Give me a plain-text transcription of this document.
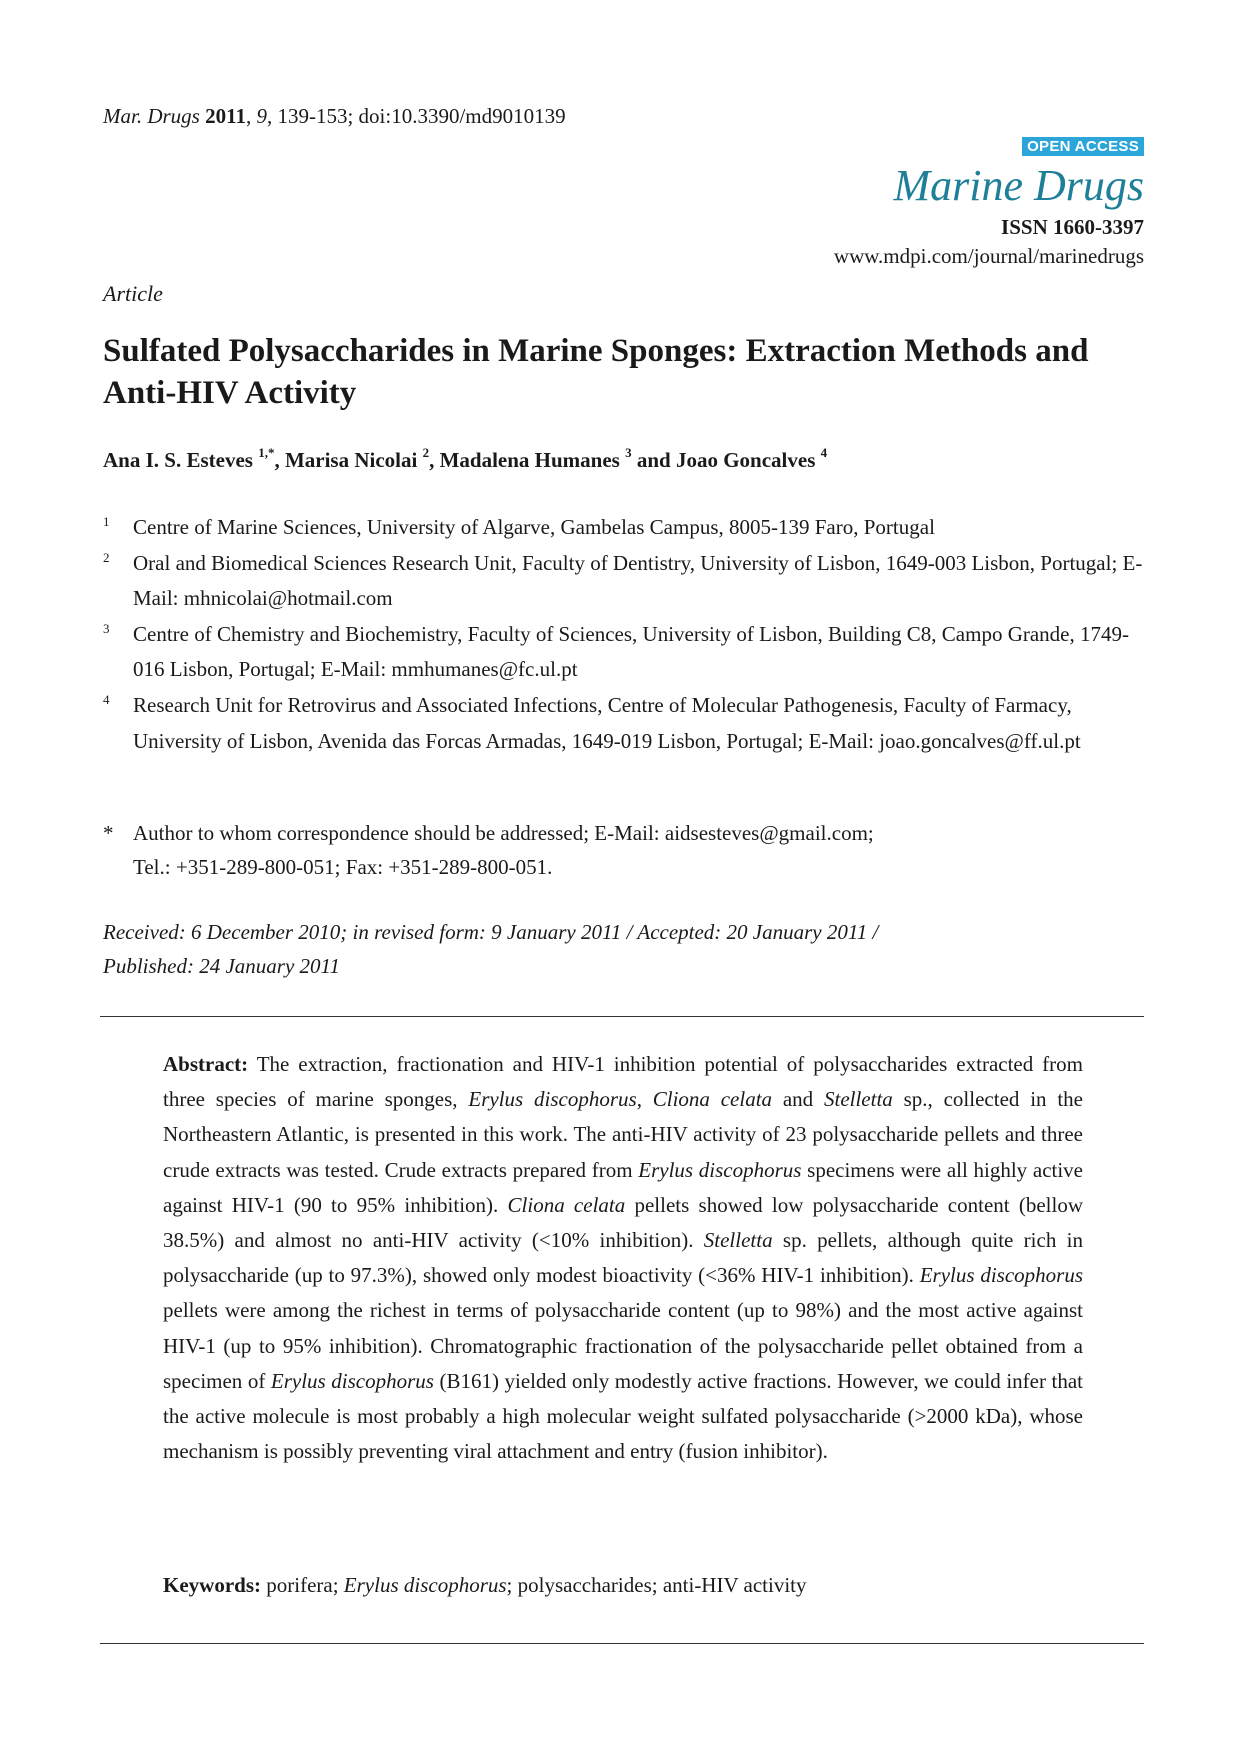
Mar. Drugs 2011, 9, 139-153; doi:10.3390/md9010139
OPEN ACCESS
Marine Drugs
ISSN 1660-3397
www.mdpi.com/journal/marinedrugs
Article
Sulfated Polysaccharides in Marine Sponges: Extraction Methods and Anti-HIV Activity
Ana I. S. Esteves $^{1,*}$, Marisa Nicolai $^2$, Madalena Humanes $^3$ and Joao Goncalves $^4$
1 Centre of Marine Sciences, University of Algarve, Gambelas Campus, 8005-139 Faro, Portugal
2 Oral and Biomedical Sciences Research Unit, Faculty of Dentistry, University of Lisbon, 1649-003 Lisbon, Portugal; E-Mail: mhnicolai@hotmail.com
3 Centre of Chemistry and Biochemistry, Faculty of Sciences, University of Lisbon, Building C8, Campo Grande, 1749-016 Lisbon, Portugal; E-Mail: mmhumanes@fc.ul.pt
4 Research Unit for Retrovirus and Associated Infections, Centre of Molecular Pathogenesis, Faculty of Farmacy, University of Lisbon, Avenida das Forcas Armadas, 1649-019 Lisbon, Portugal; E-Mail: joao.goncalves@ff.ul.pt
* Author to whom correspondence should be addressed; E-Mail: aidsesteves@gmail.com;
Tel.: +351-289-800-051; Fax: +351-289-800-051.
Received: 6 December 2010; in revised form: 9 January 2011 / Accepted: 20 January 2011 /
Published: 24 January 2011
Abstract: The extraction, fractionation and HIV-1 inhibition potential of polysaccharides extracted from three species of marine sponges, Erylus discophorus, Cliona celata and Stelletta sp., collected in the Northeastern Atlantic, is presented in this work. The anti-HIV activity of 23 polysaccharide pellets and three crude extracts was tested. Crude extracts prepared from Erylus discophorus specimens were all highly active against HIV-1 (90 to 95% inhibition). Cliona celata pellets showed low polysaccharide content (bellow 38.5%) and almost no anti-HIV activity (<10% inhibition). Stelletta sp. pellets, although quite rich in polysaccharide (up to 97.3%), showed only modest bioactivity (<36% HIV-1 inhibition). Erylus discophorus pellets were among the richest in terms of polysaccharide content (up to 98%) and the most active against HIV-1 (up to 95% inhibition). Chromatographic fractionation of the polysaccharide pellet obtained from a specimen of Erylus discophorus (B161) yielded only modestly active fractions. However, we could infer that the active molecule is most probably a high molecular weight sulfated polysaccharide (>2000 kDa), whose mechanism is possibly preventing viral attachment and entry (fusion inhibitor).
Keywords: porifera; Erylus discophorus; polysaccharides; anti-HIV activity
